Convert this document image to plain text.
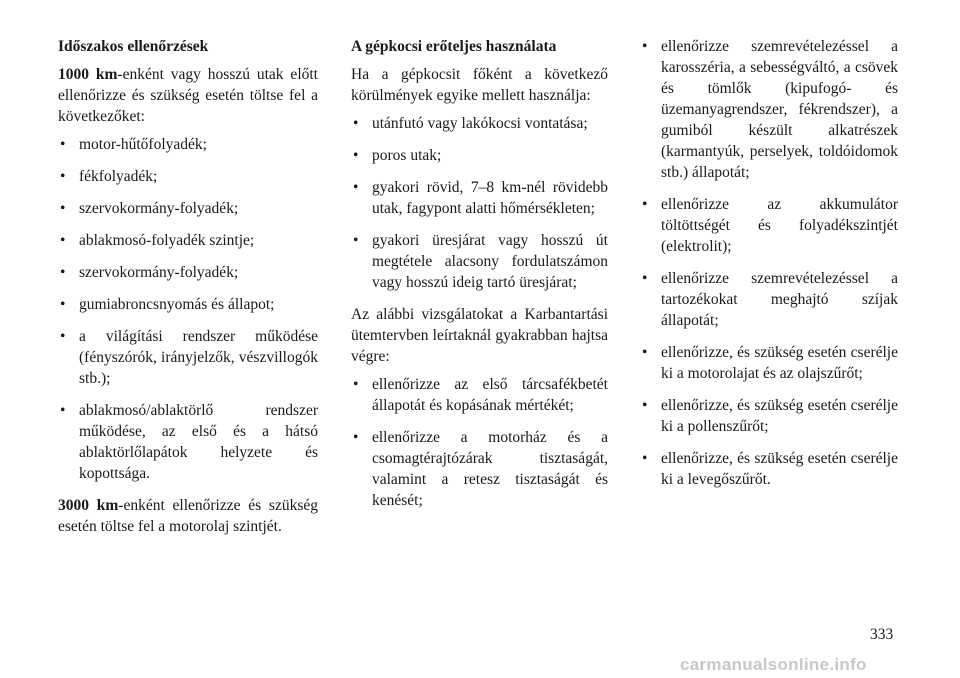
Időszakos ellenőrzések

1000 km-enként vagy hosszú utak előtt ellenőrizze és szükség esetén töltse fel a következőket:

• motor-hűtőfolyadék;
• fékfolyadék;
• szervokormány-folyadék;
• ablakmosó-folyadék szintje;
• szervokormány-folyadék;
• gumiabroncsnyomás és állapot;
• a világítási rendszer működése (fényszórók, irányjelzők, vészvillogók stb.);
• ablakmosó/ablaktörlő rendszer működése, az első és a hátsó ablaktörlőlapátok helyzete és kopottsága.

3000 km-enként ellenőrizze és szükség esetén töltse fel a motorolaj szintjét.

A gépkocsi erőteljes használata

Ha a gépkocsit főként a következő körülmények egyike mellett használja:

• utánfutó vagy lakókocsi vontatása;
• poros utak;
• gyakori rövid, 7–8 km-nél rövidebb utak, fagypont alatti hőmérsékleten;
• gyakori üresjárat vagy hosszú út megtétele alacsony fordulatszámon vagy hosszú ideig tartó üresjárat;

Az alábbi vizsgálatokat a Karbantartási ütemtervben leírtaknál gyakrabban hajtsa végre:

• ellenőrizze az első tárcsafékbetét állapotát és kopásának mértékét;
• ellenőrizze a motorház és a csomagtérajtózárak tisztaságát, valamint a retesz tisztaságát és kenését;
• ellenőrizze szemrevételezéssel a karosszéria, a sebességváltó, a csövek és tömlők (kipufogó- és üzemanyagrendszer, fékrendszer), a gumiból készült alkatrészek (karmantyúk, perselyek, toldóidomok stb.) állapotát;
• ellenőrizze az akkumulátor töltöttségét és folyadékszintjét (elektrolit);
• ellenőrizze szemrevételezéssel a tartozékokat meghajtó szíjak állapotát;
• ellenőrizze, és szükség esetén cserélje ki a motorolajat és az olajszűrőt;
• ellenőrizze, és szükség esetén cserélje ki a pollenszűrőt;
• ellenőrizze, és szükség esetén cserélje ki a levegőszűrőt.
333
carmanualsonline.info
